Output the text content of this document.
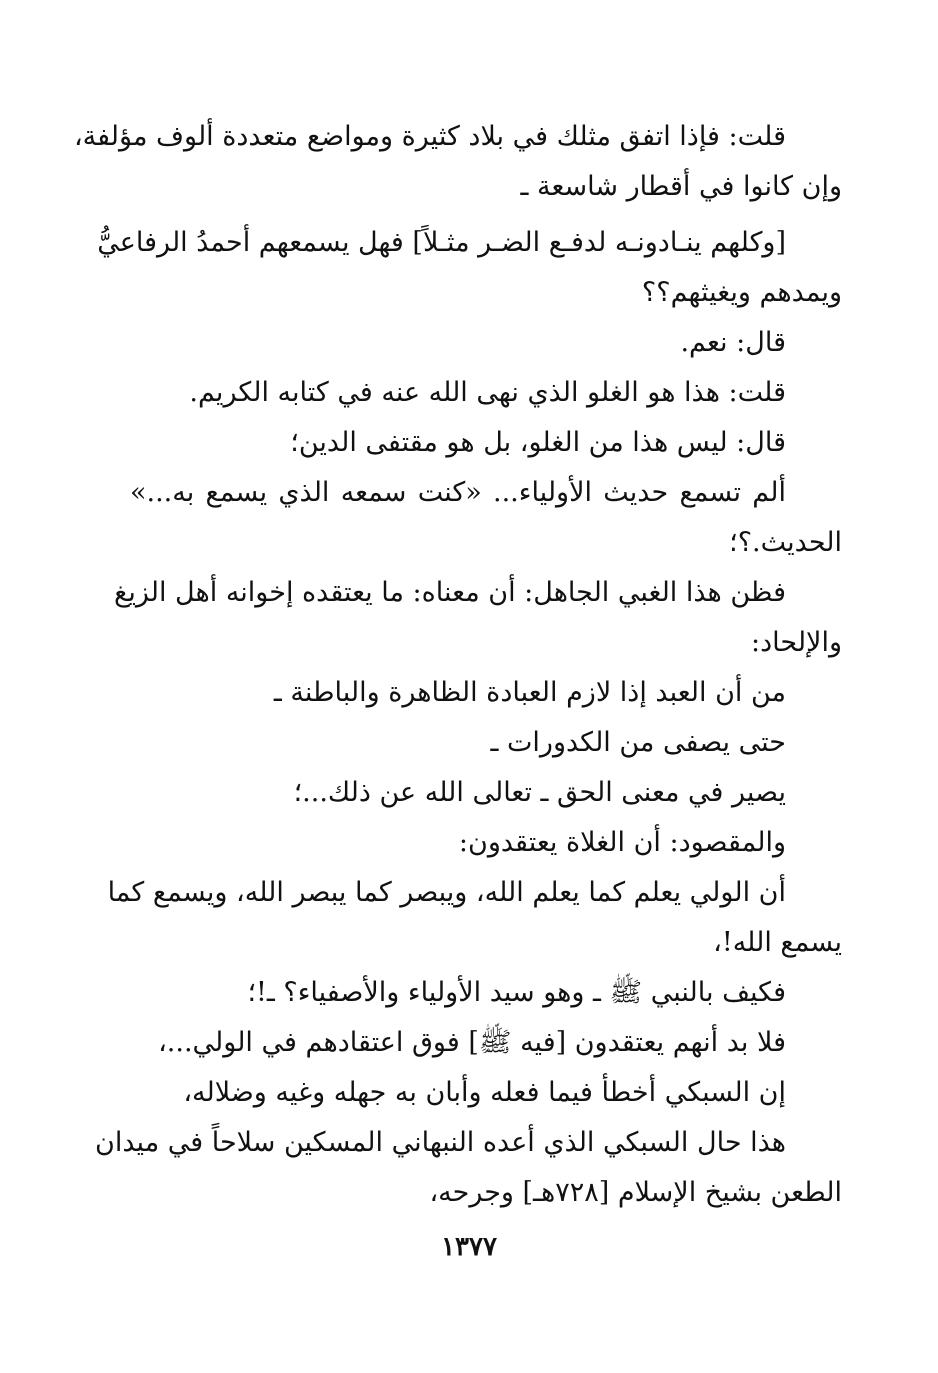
قلت: فإذا اتفق مثلك في بلاد كثيرة ومواضع متعددة ألوف مؤلفة،
وإن كانوا في أقطار شاسعة ـ
[وكلهم ينـادونـه لدفـع الضـر مثـلاً] فهل يسمعهم أحمدُ الرفاعيُّ
ويمدهم ويغيثهم؟؟
قال: نعم.
قلت: هذا هو الغلو الذي نهى الله عنه في كتابه الكريم.
قال: ليس هذا من الغلو، بل هو مقتفى الدين؛
ألم تسمع حديث الأولياء... «كنت سمعه الذي يسمع به...»
الحديث.؟؛
فظن هذا الغبي الجاهل: أن معناه: ما يعتقده إخوانه أهل الزيغ
والإلحاد:
من أن العبد إذا لازم العبادة الظاهرة والباطنة ـ
حتى يصفى من الكدورات ـ
يصير في معنى الحق ـ تعالى الله عن ذلك...؛
والمقصود: أن الغلاة يعتقدون:
أن الولي يعلم كما يعلم الله، ويبصر كما يبصر الله، ويسمع كما
يسمع الله!،
فكيف بالنبي ﷺ ـ وهو سيد الأولياء والأصفياء؟ ـ!؛
فلا بد أنهم يعتقدون [فيه ﷺ] فوق اعتقادهم في الولي...،
إن السبكي أخطأ فيما فعله وأبان به جهله وغيه وضلاله،
هذا حال السبكي الذي أعده النبهاني المسكين سلاحاً في ميدان
الطعن بشيخ الإسلام [٧٢٨هـ] وجرحه،
١٣٧٧
